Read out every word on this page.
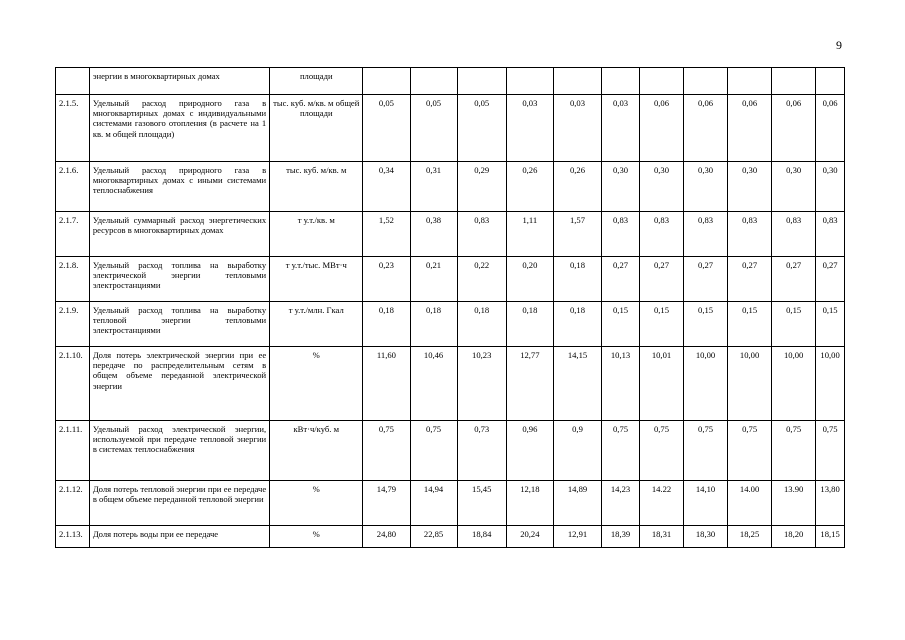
9
	энергии в многоквартирных домах	площади											
2.1.5.	Удельный расход природного газа в многоквартирных домах с индивидуальными системами газового отопления (в расчете на 1 кв. м общей площади)	тыс. куб. м/кв. м общей площади	0,05	0,05	0,05	0,03	0,03	0,03	0,06	0,06	0,06	0,06	0,06
2.1.6.	Удельный расход природного газа в многоквартирных домах с иными системами теплоснабжения	тыс. куб. м/кв. м	0,34	0,31	0,29	0,26	0,26	0,30	0,30	0,30	0,30	0,30	0,30
2.1.7.	Удельный суммарный расход энергетических ресурсов в многоквартирных домах	т у.т./кв. м	1,52	0,38	0,83	1,11	1,57	0,83	0,83	0,83	0,83	0,83	0,83
2.1.8.	Удельный расход топлива на выработку электрической энергии тепловыми электростанциями	т у.т./тыс. МВт·ч	0,23	0,21	0,22	0,20	0,18	0,27	0,27	0,27	0,27	0,27	0,27
2.1.9.	Удельный расход топлива на выработку тепловой энергии тепловыми электростанциями	т у.т./млн. Гкал	0,18	0,18	0,18	0,18	0,18	0,15	0,15	0,15	0,15	0,15	0,15
2.1.10.	Доля потерь электрической энергии при ее передаче по распределительным сетям в общем объеме переданной электрической энергии	%	11,60	10,46	10,23	12,77	14,15	10,13	10,01	10,00	10,00	10,00	10,00
2.1.11.	Удельный расход электрической энергии, используемой при передаче тепловой энергии в системах теплоснабжения	кВт·ч/куб. м	0,75	0,75	0,73	0,96	0,9	0,75	0,75	0,75	0,75	0,75	0,75
2.1.12.	Доля потерь тепловой энергии при ее передаче в общем объеме переданной тепловой энергии	%	14,79	14,94	15,45	12,18	14,89	14,23	14.22	14,10	14.00	13.90	13,80
2.1.13.	Доля потерь воды при ее передаче	%	24,80	22,85	18,84	20,24	12,91	18,39	18,31	18,30	18,25	18,20	18,15
